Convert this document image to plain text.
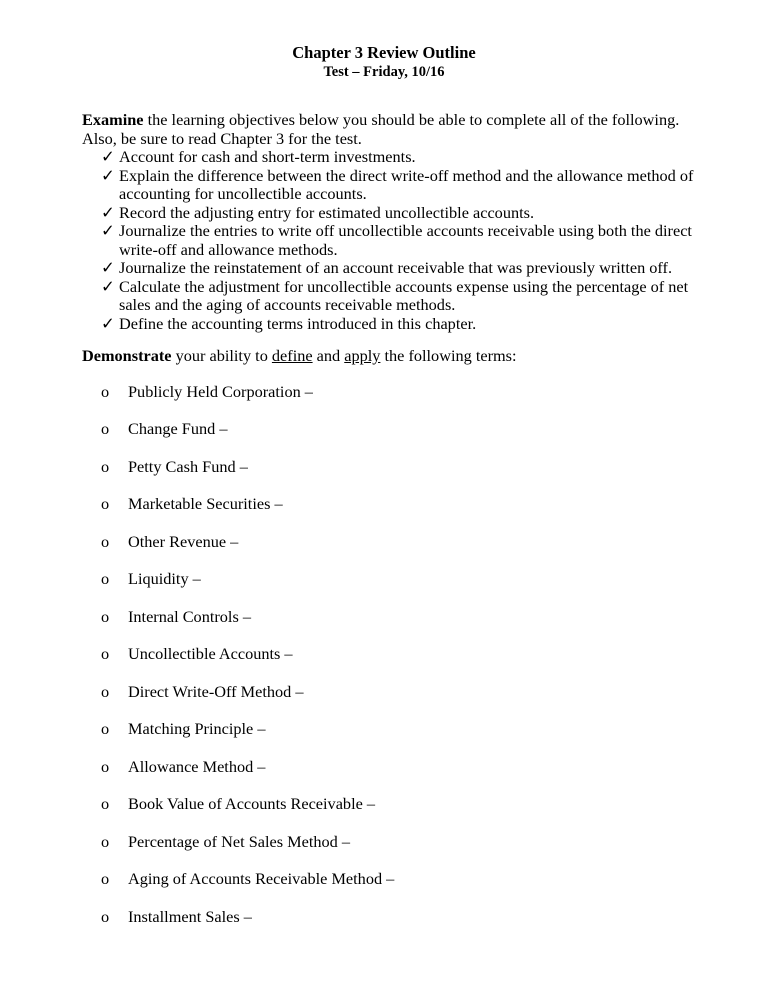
Chapter 3 Review Outline
Test – Friday, 10/16
Examine the learning objectives below you should be able to complete all of the following. Also, be sure to read Chapter 3 for the test.
✓ Account for cash and short-term investments.
✓ Explain the difference between the direct write-off method and the allowance method of accounting for uncollectible accounts.
✓ Record the adjusting entry for estimated uncollectible accounts.
✓ Journalize the entries to write off uncollectible accounts receivable using both the direct write-off and allowance methods.
✓ Journalize the reinstatement of an account receivable that was previously written off.
✓ Calculate the adjustment for uncollectible accounts expense using the percentage of net sales and the aging of accounts receivable methods.
✓ Define the accounting terms introduced in this chapter.
Demonstrate your ability to define and apply the following terms:
o Publicly Held Corporation –
o Change Fund –
o Petty Cash Fund –
o Marketable Securities –
o Other Revenue –
o Liquidity –
o Internal Controls –
o Uncollectible Accounts –
o Direct Write-Off Method –
o Matching Principle –
o Allowance Method –
o Book Value of Accounts Receivable –
o Percentage of Net Sales Method –
o Aging of Accounts Receivable Method –
o Installment Sales –
